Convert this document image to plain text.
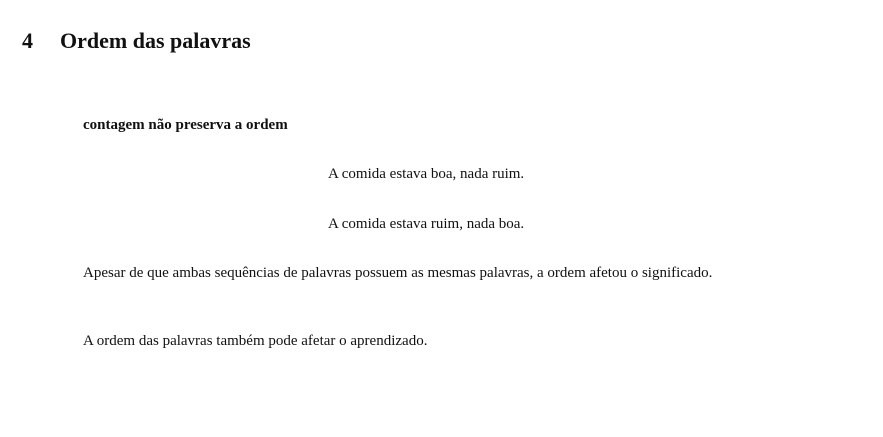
4 Ordem das palavras
contagem não preserva a ordem
A comida estava boa, nada ruim.
A comida estava ruim, nada boa.
Apesar de que ambas sequências de palavras possuem as mesmas palavras, a ordem afetou o significado.
A ordem das palavras também pode afetar o aprendizado.
